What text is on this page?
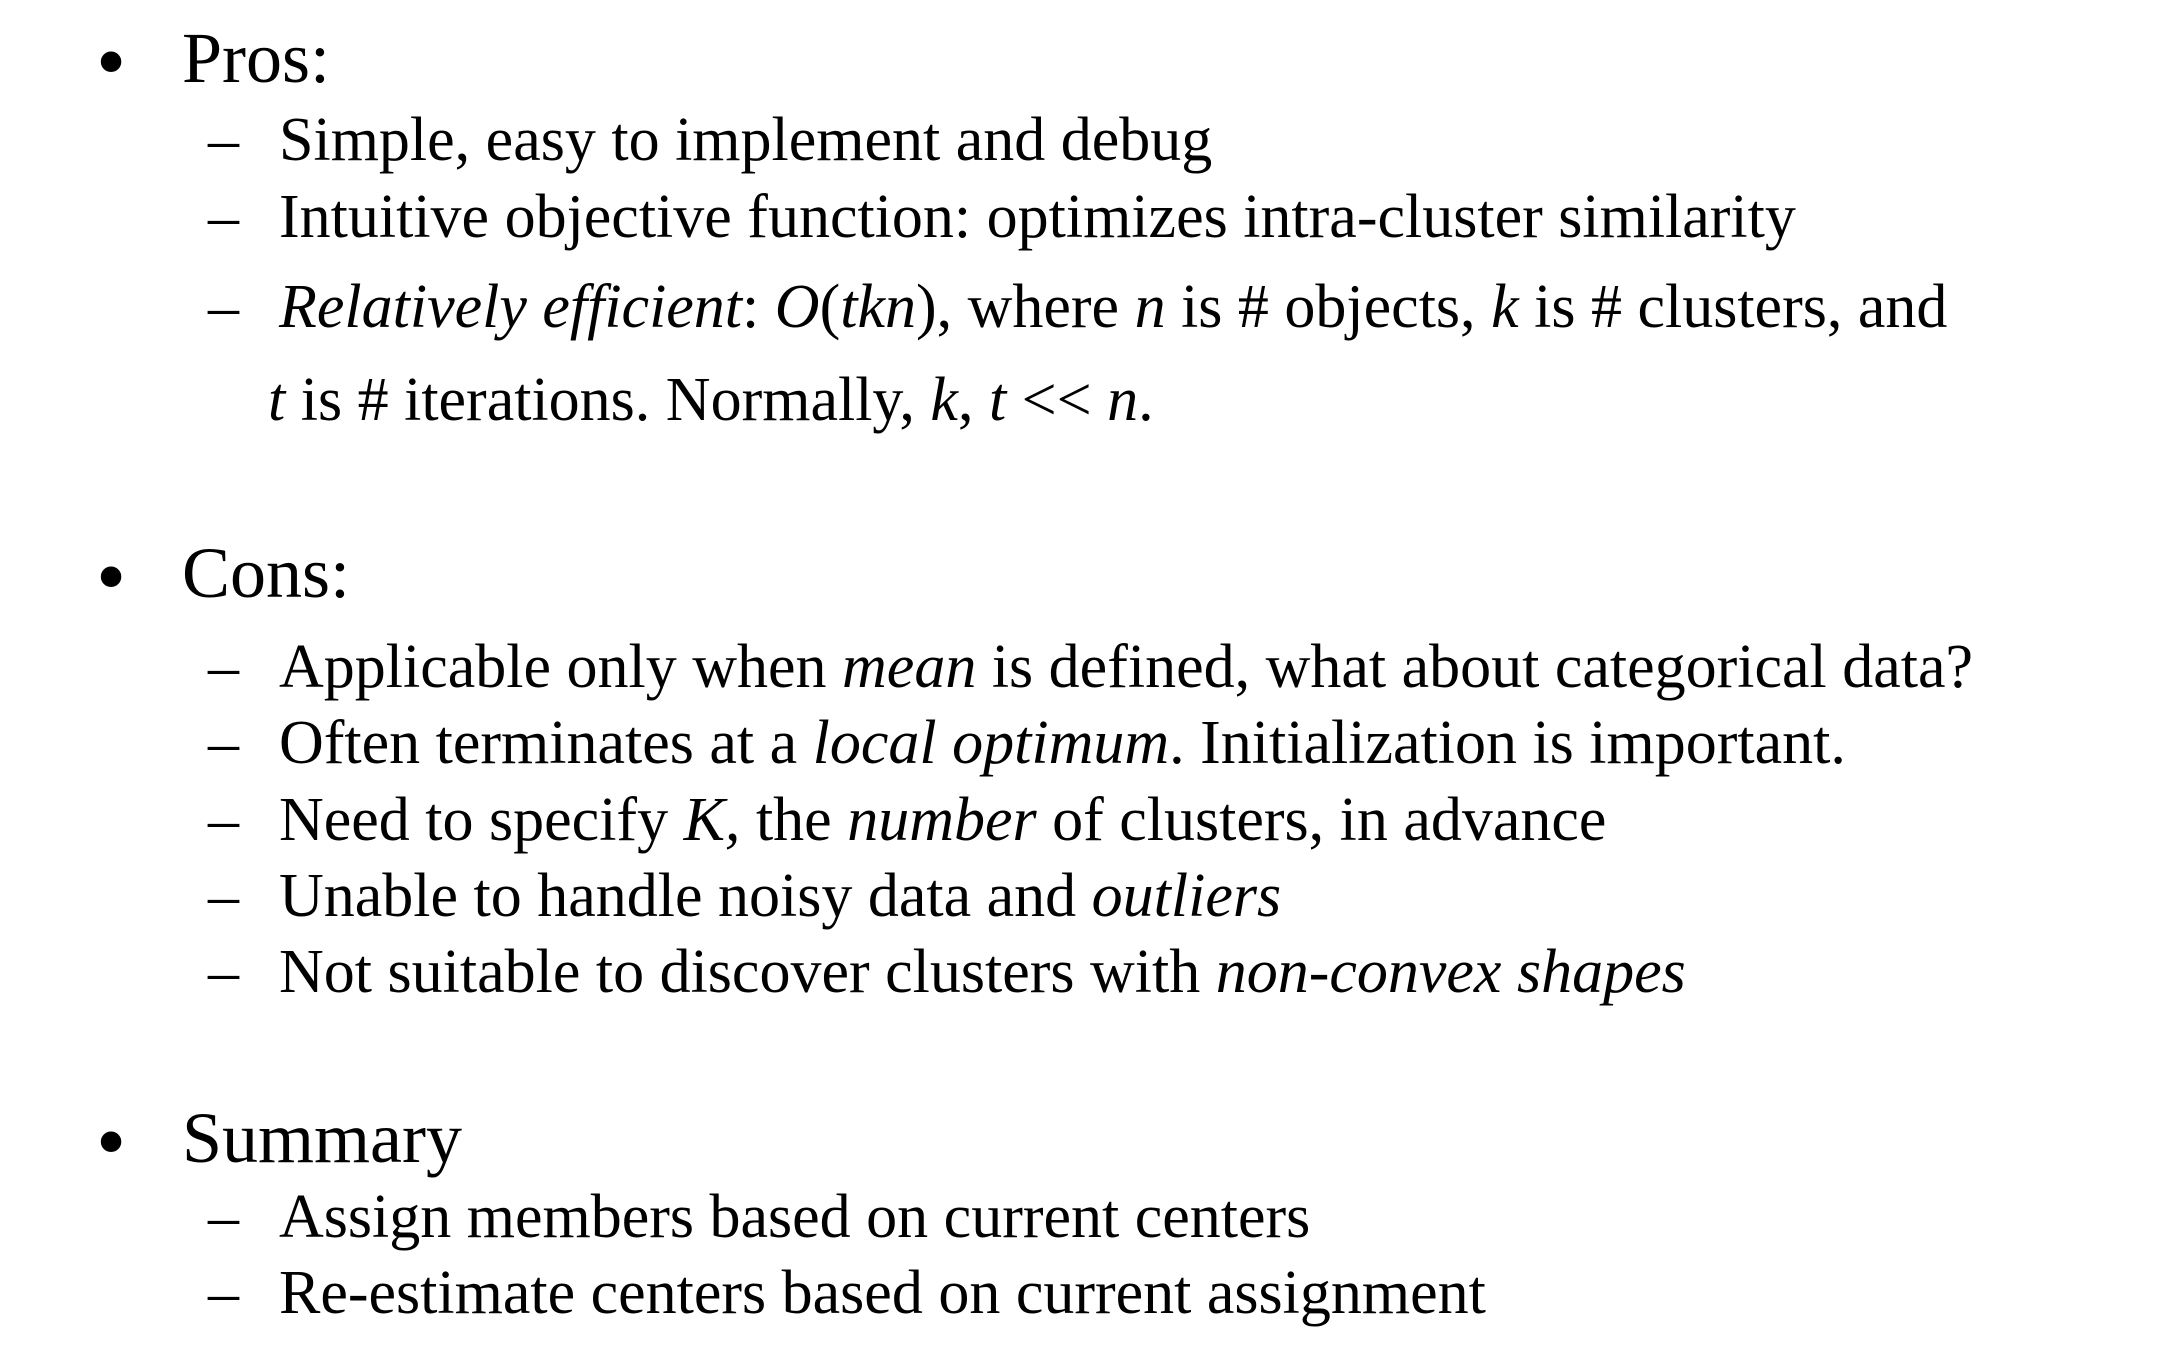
• Pros:
– Simple, easy to implement and debug
– Intuitive objective function: optimizes intra-cluster similarity
– Relatively efficient: O(tkn), where n is # objects, k is # clusters, and
t is # iterations. Normally, k, t << n.
• Cons:
– Applicable only when mean is defined, what about categorical data?
– Often terminates at a local optimum. Initialization is important.
– Need to specify K, the number of clusters, in advance
– Unable to handle noisy data and outliers
– Not suitable to discover clusters with non-convex shapes
• Summary
– Assign members based on current centers
– Re-estimate centers based on current assignment
